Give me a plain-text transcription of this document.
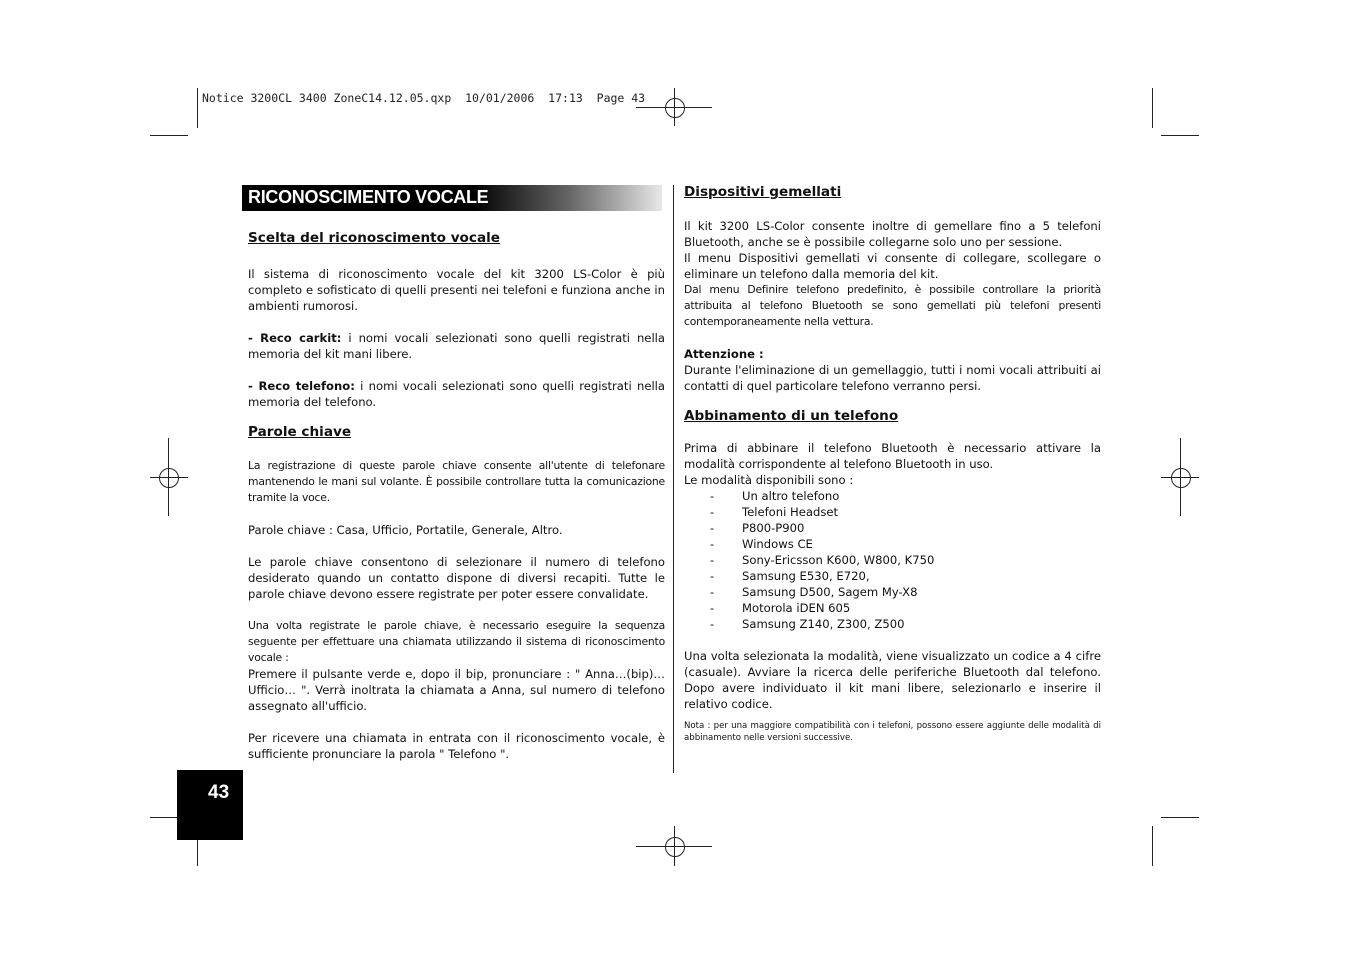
Notice 3200CL 3400 ZoneC14.12.05.qxp  10/01/2006  17:13  Page 43
RICONOSCIMENTO VOCALE

Scelta del riconoscimento vocale

Il sistema di riconoscimento vocale del kit 3200 LS-Color è più completo e sofisticato di quelli presenti nei telefoni e funziona anche in ambienti rumorosi.

- Reco carkit: i nomi vocali selezionati sono quelli registrati nella memoria del kit mani libere.

- Reco telefono: i nomi vocali selezionati sono quelli registrati nella memoria del telefono.

Parole chiave

La registrazione di queste parole chiave consente all'utente di telefonare mantenendo le mani sul volante. È possibile controllare tutta la comunicazione tramite la voce.

Parole chiave : Casa, Ufficio, Portatile, Generale, Altro.

Le parole chiave consentono di selezionare il numero di telefono desiderato quando un contatto dispone di diversi recapiti. Tutte le parole chiave devono essere registrate per poter essere convalidate.

Una volta registrate le parole chiave, è necessario eseguire la sequenza seguente per effettuare una chiamata utilizzando il sistema di riconoscimento vocale :

Premere il pulsante verde e, dopo il bip, pronunciare : " Anna…(bip)…Ufficio… ". Verrà inoltrata la chiamata a Anna, sul numero di telefono assegnato all'ufficio.

Per ricevere una chiamata in entrata con il riconoscimento vocale, è sufficiente pronunciare la parola " Telefono ".

Dispositivi gemellati

Il kit 3200 LS-Color consente inoltre di gemellare fino a 5 telefoni Bluetooth, anche se è possibile collegarne solo uno per sessione.

Il menu Dispositivi gemellati vi consente di collegare, scollegare o eliminare un telefono dalla memoria del kit.

Dal menu Definire telefono predefinito, è possibile controllare la priorità attribuita al telefono Bluetooth se sono gemellati più telefoni presenti contemporaneamente nella vettura.

Attenzione :

Durante l'eliminazione di un gemellaggio, tutti i nomi vocali attribuiti ai contatti di quel particolare telefono verranno persi.

Abbinamento di un telefono

Prima di abbinare il telefono Bluetooth è necessario attivare la modalità corrispondente al telefono Bluetooth in uso.

Le modalità disponibili sono :

- Un altro telefono
- Telefoni Headset
- P800-P900
- Windows CE
- Sony-Ericsson K600, W800, K750
- Samsung E530, E720,
- Samsung D500, Sagem My-X8
- Motorola iDEN 605
- Samsung Z140, Z300, Z500

Una volta selezionata la modalità, viene visualizzato un codice a 4 cifre (casuale). Avviare la ricerca delle periferiche Bluetooth dal telefono. Dopo avere individuato il kit mani libere, selezionarlo e inserire il relativo codice.

Nota : per una maggiore compatibilità con i telefoni, possono essere aggiunte delle modalità di abbinamento nelle versioni successive.

43
